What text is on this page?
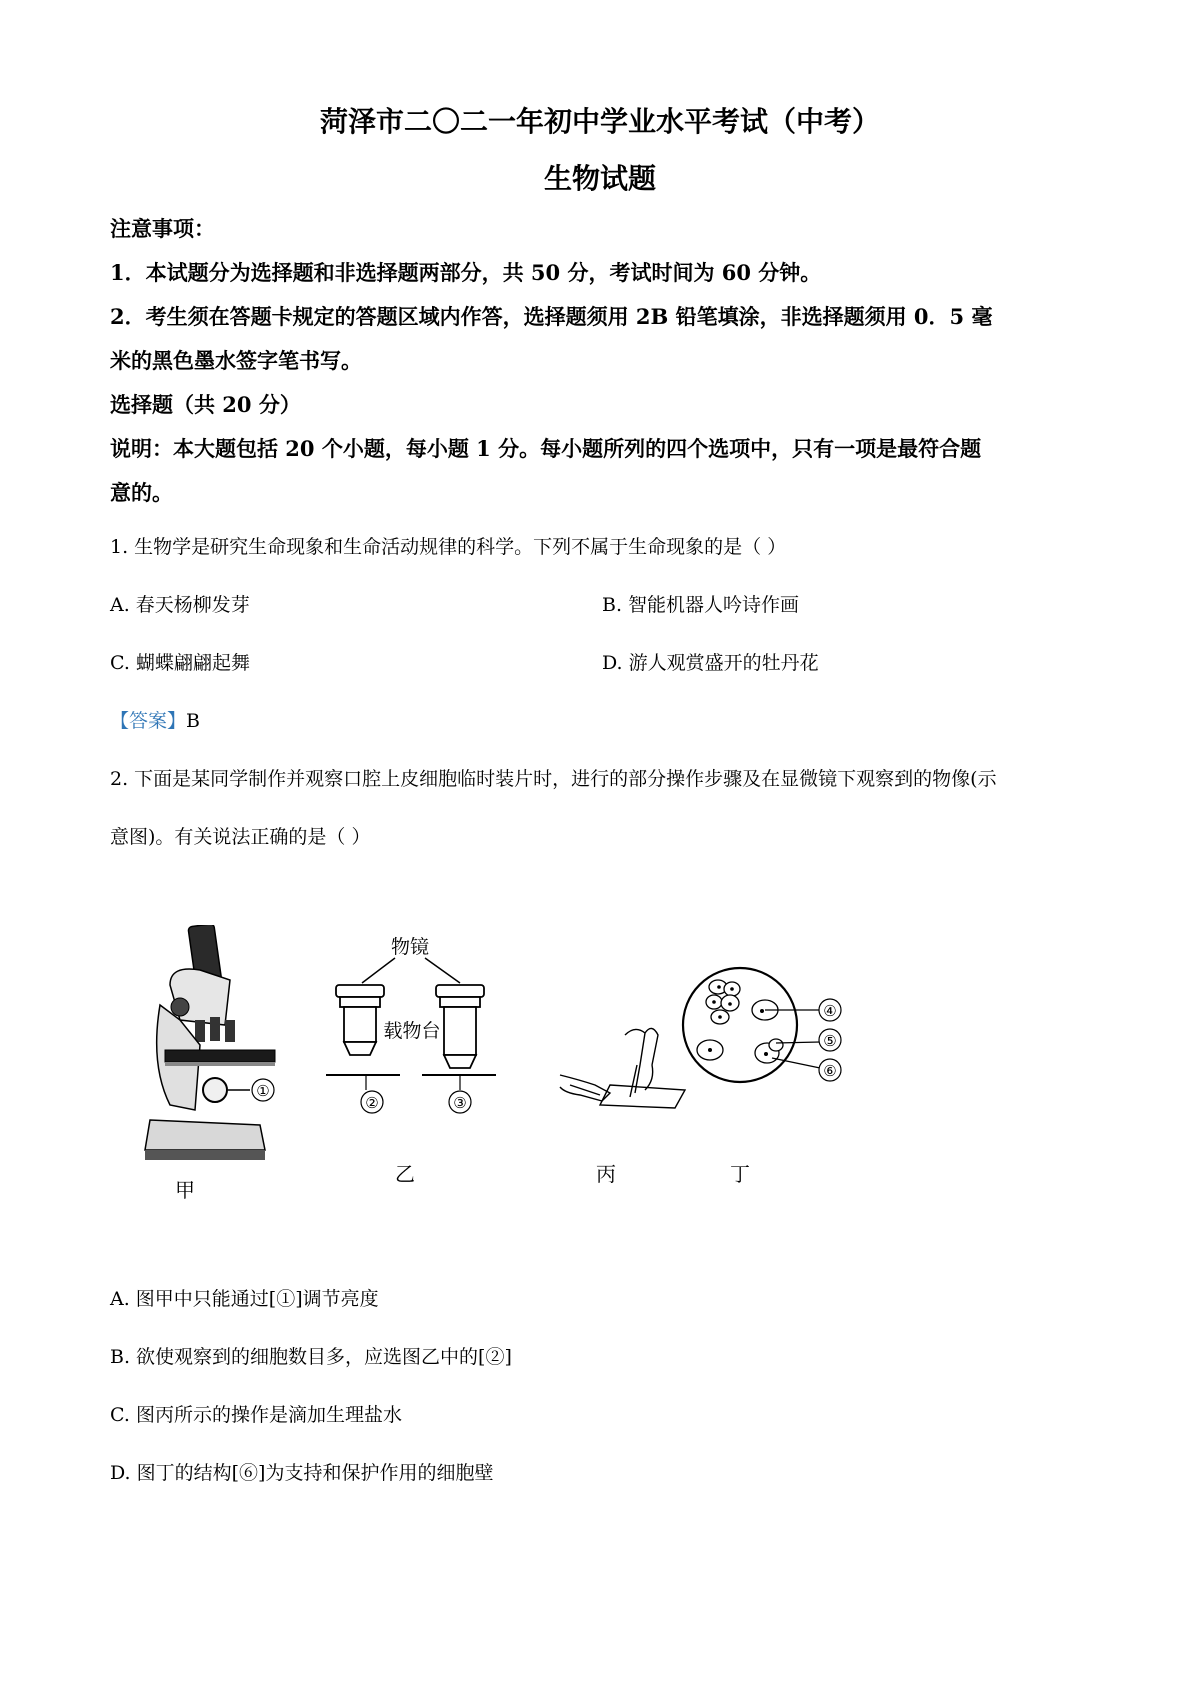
菏泽市二〇二一年初中学业水平考试（中考）
生物试题
注意事项：
1．本试题分为选择题和非选择题两部分，共 50 分，考试时间为 60 分钟。
2．考生须在答题卡规定的答题区域内作答，选择题须用 2B 铅笔填涂，非选择题须用 0．5 毫
米的黑色墨水签字笔书写。
选择题（共 20 分）
说明：本大题包括 20 个小题，每小题 1 分。每小题所列的四个选项中，只有一项是最符合题
意的。
1. 生物学是研究生命现象和生命活动规律的科学。下列不属于生命现象的是（ ）
A. 春天杨柳发芽	B. 智能机器人吟诗作画
C. 蝴蝶翩翩起舞	D. 游人观赏盛开的牡丹花
【答案】B
2. 下面是某同学制作并观察口腔上皮细胞临时装片时，进行的部分操作步骤及在显微镜下观察到的物像(示
意图)。有关说法正确的是（ ）
①
甲
物镜
载物台
②	③
乙	丙
④
⑤
⑥
丁
A. 图甲中只能通过[①]调节亮度
B. 欲使观察到的细胞数目多，应选图乙中的[②]
C. 图丙所示的操作是滴加生理盐水
D. 图丁的结构[⑥]为支持和保护作用的细胞壁
